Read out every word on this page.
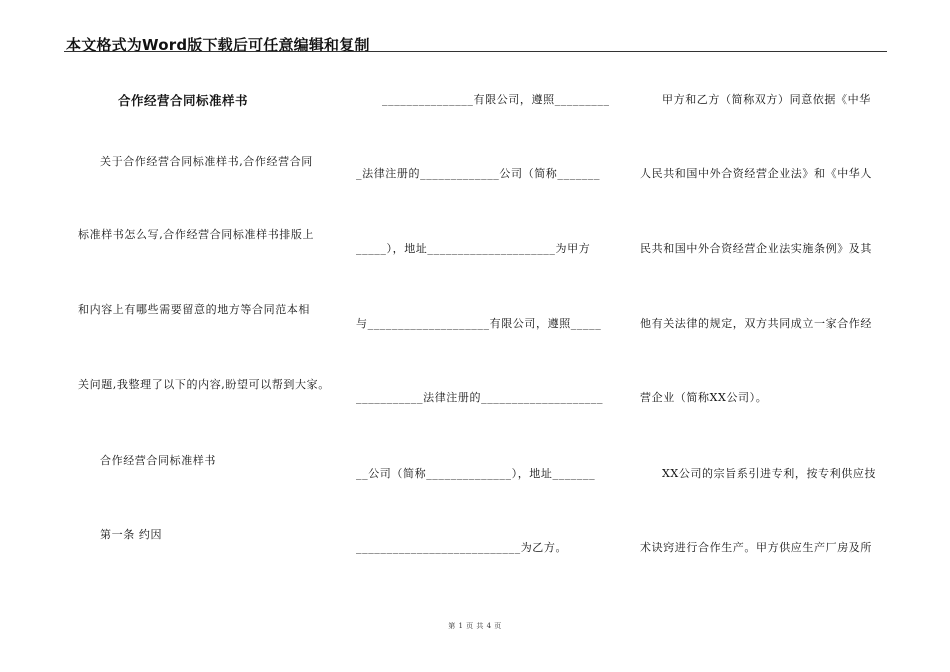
本文格式为Word版下载后可任意编辑和复制
合作经营合同标准样书
关于合作经营合同标准样书,合作经营合同
标准样书怎么写,合作经营合同标准样书排版上
和内容上有哪些需要留意的地方等合同范本相
关问题,我整理了以下的内容,盼望可以帮到大家。
合作经营合同标准样书
第一条 约因
_______________有限公司，遵照_________
_法律注册的_____________公司（简称_______
_____），地址_____________________为甲方
与____________________有限公司，遵照_____
___________法律注册的____________________
__公司（简称______________），地址_______
___________________________为乙方。
甲方和乙方（简称双方）同意依据《中华
人民共和国中外合资经营企业法》和《中华人
民共和国中外合资经营企业法实施条例》及其
他有关法律的规定，双方共同成立一家合作经
营企业（简称XX公司）。
XX公司的宗旨系引进专利，按专利供应技
术诀窍进行合作生产。甲方供应生产厂房及所
第 1 页 共 4 页
